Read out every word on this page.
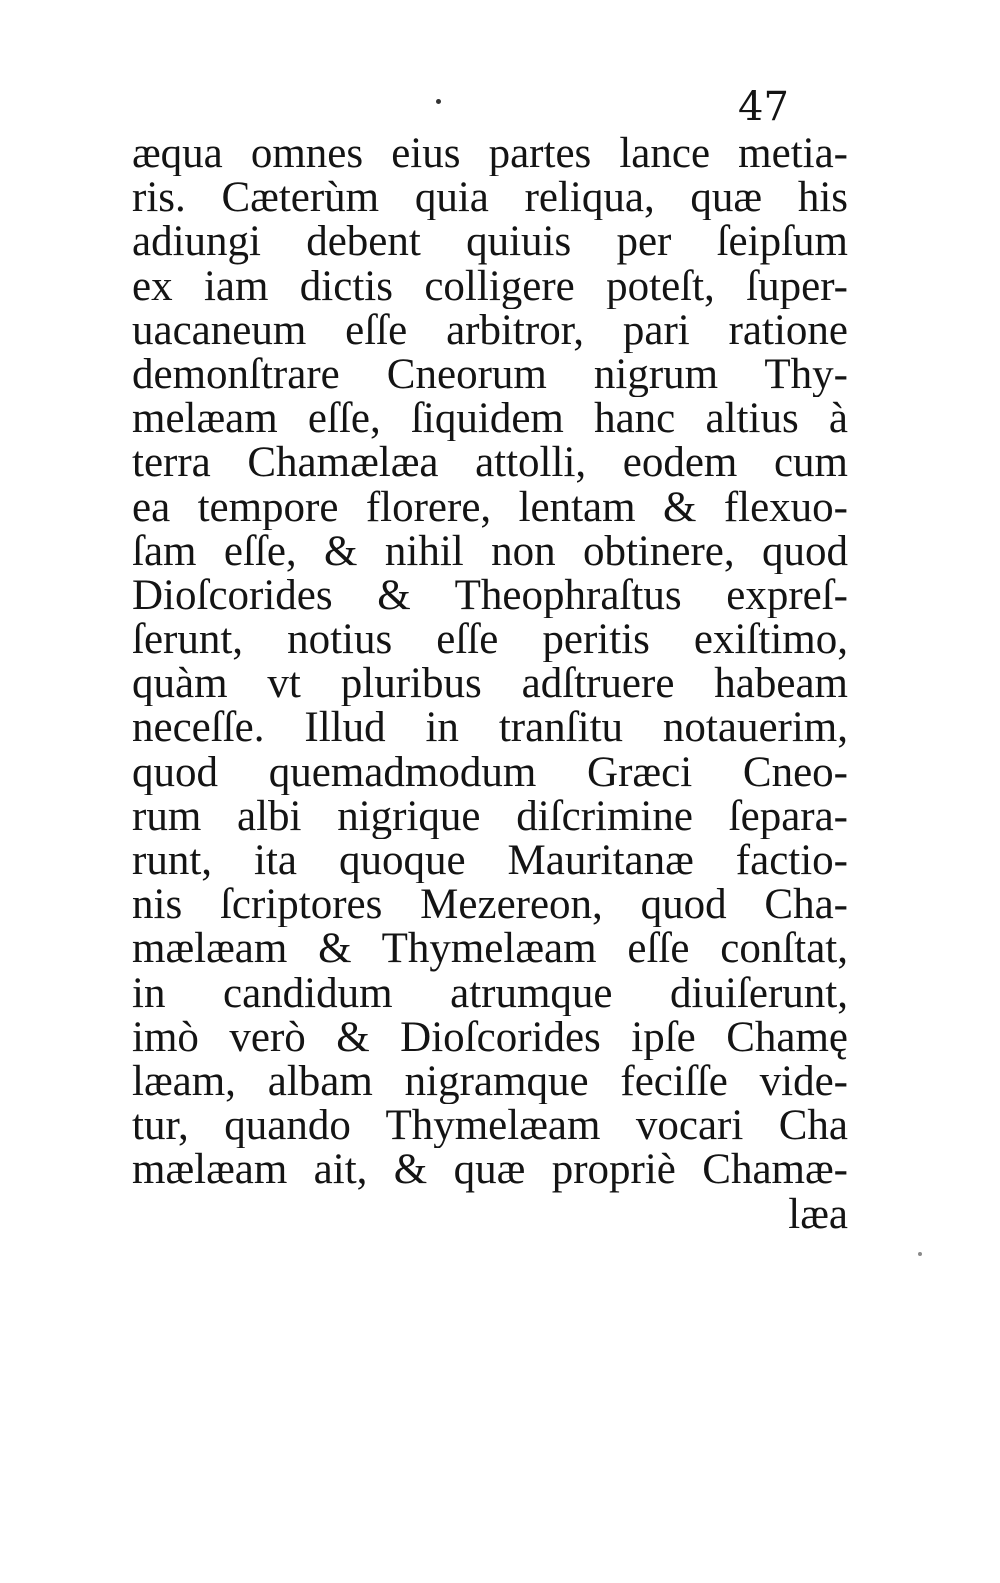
47
æqua omnes eius partes lance metia-
ris. Cæterùm quia reliqua, quæ his
adiungi debent quiuis per ſeipſum
ex iam dictis colligere poteſt, ſuper-
uacaneum eſſe arbitror, pari ratione
demonſtrare Cneorum nigrum Thy-
melæam eſſe, ſiquidem hanc altius à
terra Chamælæa attolli, eodem cum
ea tempore florere, lentam & flexuo-
ſam eſſe, & nihil non obtinere, quod
Dioſcorides & Theophraſtus expreſ-
ſerunt, notius eſſe peritis exiſtimo,
quàm vt pluribus adſtruere habeam
neceſſe. Illud in tranſitu notauerim,
quod quemadmodum Græci Cneo-
rum albi nigrique diſcrimine ſepara-
runt, ita quoque Mauritanæ factio-
nis ſcriptores Mezereon, quod Cha-
mælæam & Thymelæam eſſe conſtat,
in candidum atrumque diuiſerunt,
imò verò & Dioſcorides ipſe Chamę
læam, albam nigramque feciſſe vide-
tur, quando Thymelæam vocari Cha
mælæam ait, & quæ propriè Chamæ-
læa
